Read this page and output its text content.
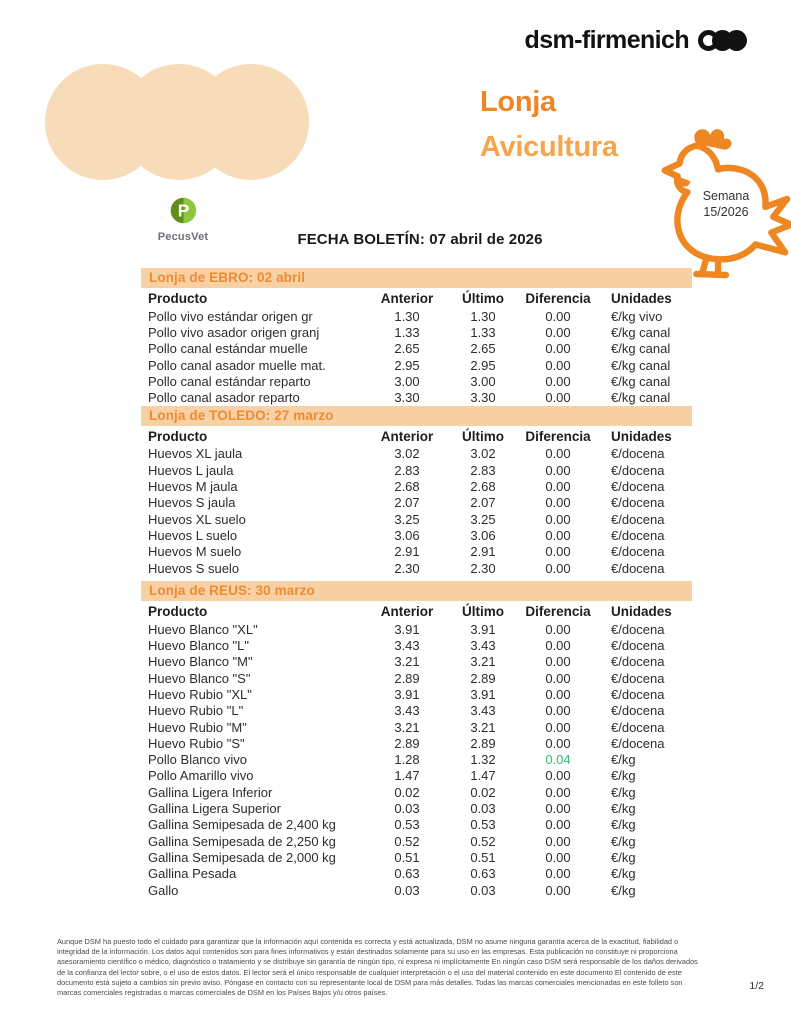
dsm-firmenich
Lonja
Avicultura
Semana
15/2026
P
PecusVet	FECHA BOLETÍN: 07 abril de 2026
Lonja de EBRO: 02 abril
Producto	Anterior	Último	Diferencia	Unidades
Pollo vivo estándar origen gr	1.30	1.30	0.00	€/kg vivo
Pollo vivo asador origen granj	1.33	1.33	0.00	€/kg canal
Pollo canal estándar muelle	2.65	2.65	0.00	€/kg canal
Pollo canal asador muelle mat.	2.95	2.95	0.00	€/kg canal
Pollo canal estándar reparto	3.00	3.00	0.00	€/kg canal
Pollo canal asador reparto	3.30	3.30	0.00	€/kg canal
Lonja de TOLEDO: 27 marzo
Producto	Anterior	Último	Diferencia	Unidades
Huevos XL jaula	3.02	3.02	0.00	€/docena
Huevos L jaula	2.83	2.83	0.00	€/docena
Huevos M jaula	2.68	2.68	0.00	€/docena
Huevos S jaula	2.07	2.07	0.00	€/docena
Huevos XL suelo	3.25	3.25	0.00	€/docena
Huevos L suelo	3.06	3.06	0.00	€/docena
Huevos M suelo	2.91	2.91	0.00	€/docena
Huevos S suelo	2.30	2.30	0.00	€/docena
Lonja de REUS: 30 marzo
Producto	Anterior	Último	Diferencia	Unidades
Huevo Blanco "XL"	3.91	3.91	0.00	€/docena
Huevo Blanco "L"	3.43	3.43	0.00	€/docena
Huevo Blanco "M"	3.21	3.21	0.00	€/docena
Huevo Blanco "S"	2.89	2.89	0.00	€/docena
Huevo Rubio "XL"	3.91	3.91	0.00	€/docena
Huevo Rubio "L"	3.43	3.43	0.00	€/docena
Huevo Rubio "M"	3.21	3.21	0.00	€/docena
Huevo Rubio "S"	2.89	2.89	0.00	€/docena
Pollo Blanco vivo	1.28	1.32	0.04	€/kg
Pollo Amarillo vivo	1.47	1.47	0.00	€/kg
Gallina Ligera Inferior	0.02	0.02	0.00	€/kg
Gallina Ligera Superior	0.03	0.03	0.00	€/kg
Gallina Semipesada de 2,400 kg	0.53	0.53	0.00	€/kg
Gallina Semipesada de 2,250 kg	0.52	0.52	0.00	€/kg
Gallina Semipesada de 2,000 kg	0.51	0.51	0.00	€/kg
Gallina Pesada	0.63	0.63	0.00	€/kg
Gallo	0.03	0.03	0.00	€/kg
Aunque DSM ha puesto todo el cuidado para garantizar que la información aquí contenida es correcta y está actualizada, DSM no asume ninguna garantía acerca de la exactitud, fiabilidad o integridad de la información. Los datos aquí contenidos son para fines informativos y están destinados solamente para su uso en las empresas. Esta publicación no constituye ni proporciona asesoramiento científico o médico, diagnóstico o tratamiento y se distribuye sin garantía de ningún tipo, ni expresa ni implícitamente En ningún caso DSM será responsable de los daños derivados de la confianza del lector sobre, o el uso de estos datos. El lector será el único responsable de cualquier interpretación o el uso del material contenido en este documento El contenido de este documento está sujeto a cambios sin previo aviso. Póngase en contacto con su representante local de DSM para más detalles. Todas las marcas comerciales mencionadas en este folleto son marcas comerciales registradas o marcas comerciales de DSM en los Países Bajos y/u otros países.
1/2
